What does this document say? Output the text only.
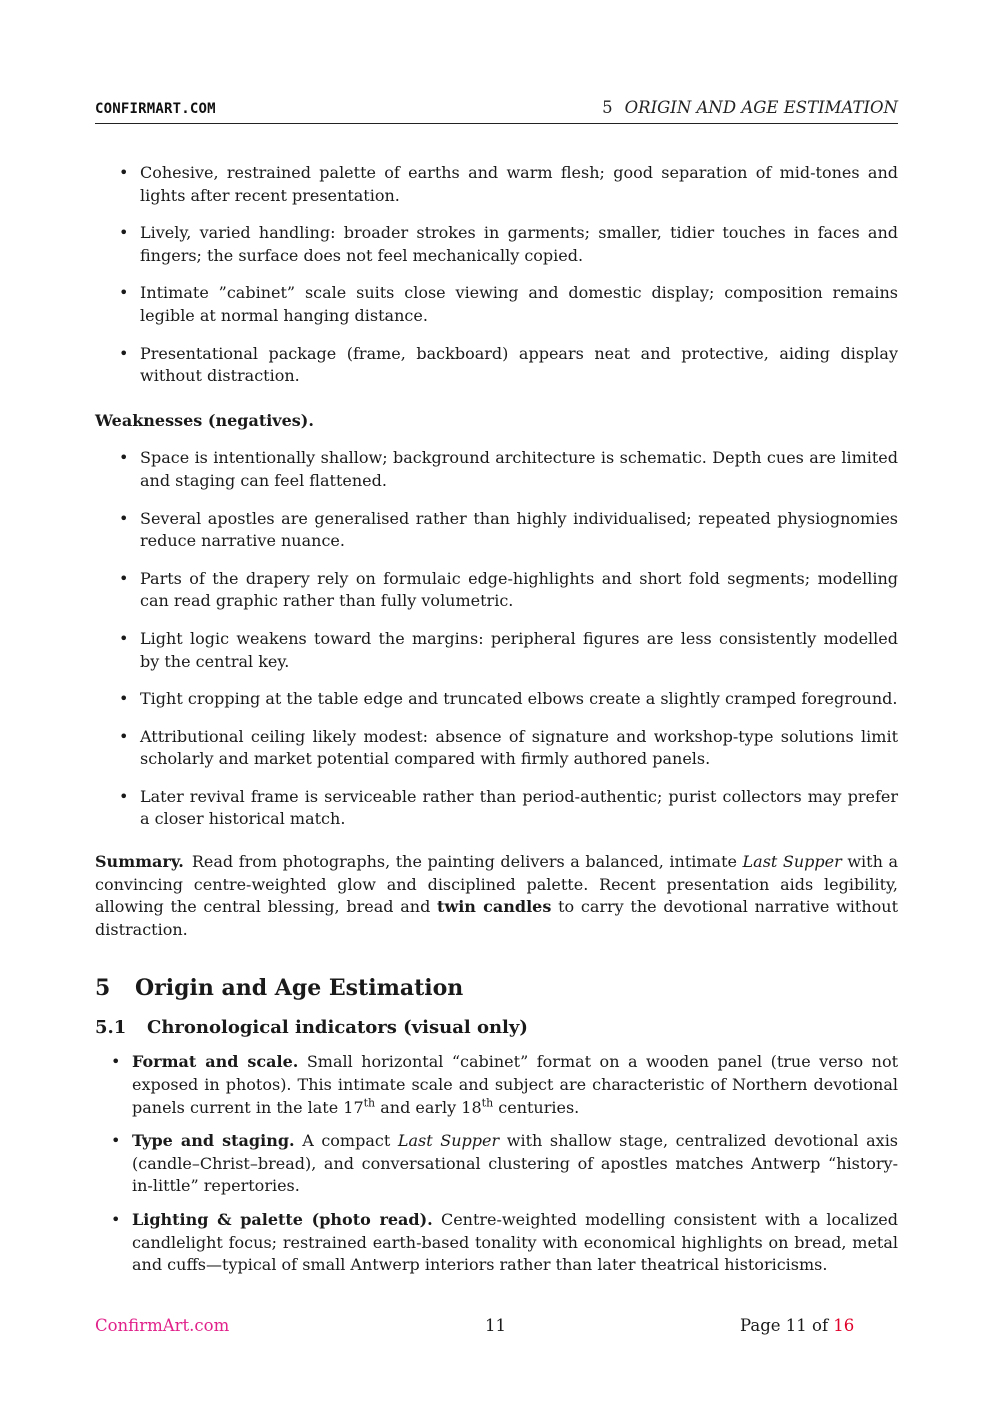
CONFIRMART.COM	5 ORIGIN AND AGE ESTIMATION
• Cohesive, restrained palette of earths and warm flesh; good separation of mid-tones and lights after recent presentation.
• Lively, varied handling: broader strokes in garments; smaller, tidier touches in faces and fingers; the surface does not feel mechanically copied.
• Intimate ”cabinet” scale suits close viewing and domestic display; composition remains legible at normal hanging distance.
• Presentational package (frame, backboard) appears neat and protective, aiding display without distraction.
Weaknesses (negatives).
• Space is intentionally shallow; background architecture is schematic. Depth cues are limited and staging can feel flattened.
• Several apostles are generalised rather than highly individualised; repeated physiognomies reduce narrative nuance.
• Parts of the drapery rely on formulaic edge-highlights and short fold segments; modelling can read graphic rather than fully volumetric.
• Light logic weakens toward the margins: peripheral figures are less consistently modelled by the central key.
• Tight cropping at the table edge and truncated elbows create a slightly cramped foreground.
• Attributional ceiling likely modest: absence of signature and workshop-type solutions limit scholarly and market potential compared with firmly authored panels.
• Later revival frame is serviceable rather than period-authentic; purist collectors may prefer a closer historical match.

Summary. Read from photographs, the painting delivers a balanced, intimate Last Supper with a convincing centre-weighted glow and disciplined palette. Recent presentation aids legibility, allowing the central blessing, bread and twin candles to carry the devotional narrative without distraction.

5 Origin and Age Estimation
5.1 Chronological indicators (visual only)
• Format and scale. Small horizontal “cabinet” format on a wooden panel (true verso not exposed in photos). This intimate scale and subject are characteristic of Northern devotional panels current in the late 17th and early 18th centuries.
• Type and staging. A compact Last Supper with shallow stage, centralized devotional axis (candle–Christ–bread), and conversational clustering of apostles matches Antwerp “history-in-little” repertories.
• Lighting & palette (photo read). Centre-weighted modelling consistent with a localized candlelight focus; restrained earth-based tonality with economical highlights on bread, metal and cuffs—typical of small Antwerp interiors rather than later theatrical historicisms.
ConfirmArt.com	11	Page 11 of 16
